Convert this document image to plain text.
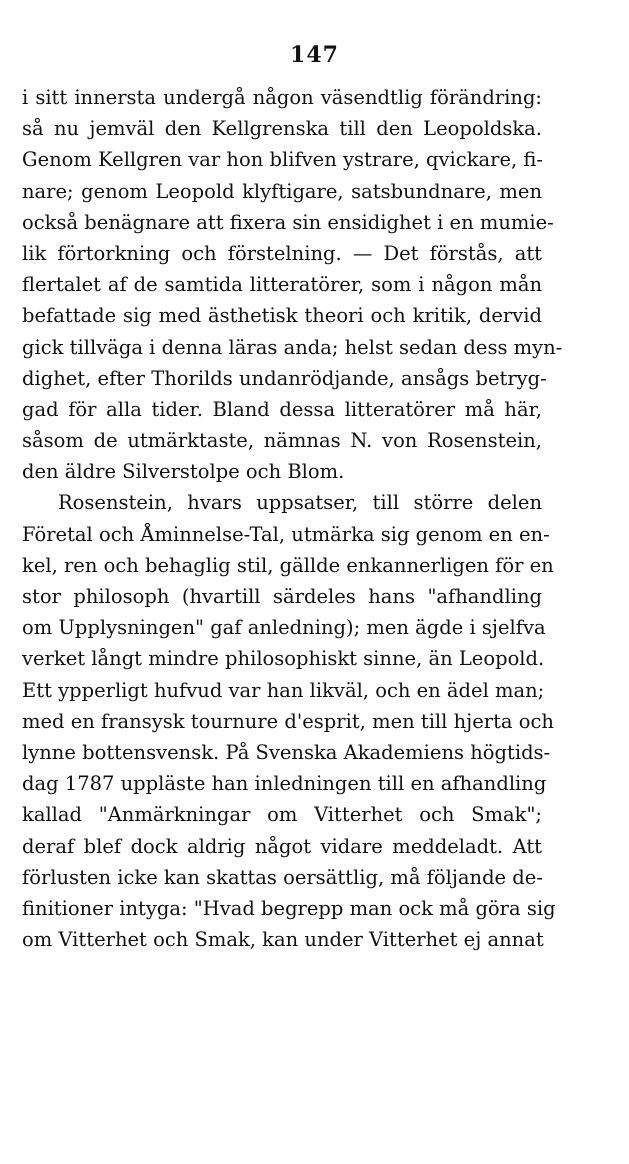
147
i sitt innersta undergå någon väsendtlig förändring:
så nu jemväl den Kellgrenska till den Leopoldska.
Genom Kellgren var hon blifven ystrare, qvickare, fi-
nare; genom Leopold klyftigare, satsbundnare, men
också benägnare att fixera sin ensidighet i en mumie-
lik förtorkning och förstelning. — Det förstås, att
flertalet af de samtida litteratörer, som i någon mån
befattade sig med ästhetisk theori och kritik, dervid
gick tillväga i denna läras anda; helst sedan dess myn-
dighet, efter Thorilds undanrödjande, ansågs betryg-
gad för alla tider. Bland dessa litteratörer må här,
såsom de utmärktaste, nämnas N. von Rosenstein,
den äldre Silverstolpe och Blom.
Rosenstein, hvars uppsatser, till större delen
Företal och Åminnelse-Tal, utmärka sig genom en en-
kel, ren och behaglig stil, gällde enkannerligen för en
stor philosoph (hvartill särdeles hans "afhandling
om Upplysningen" gaf anledning); men ägde i sjelfva
verket långt mindre philosophiskt sinne, än Leopold.
Ett ypperligt hufvud var han likväl, och en ädel man;
med en fransysk tournure d'esprit, men till hjerta och
lynne bottensvensk. På Svenska Akademiens högtids-
dag 1787 uppläste han inledningen till en afhandling
kallad "Anmärkningar om Vitterhet och Smak";
deraf blef dock aldrig något vidare meddeladt. Att
förlusten icke kan skattas oersättlig, må följande de-
finitioner intyga: "Hvad begrepp man ock må göra sig
om Vitterhet och Smak, kan under Vitterhet ej annat
